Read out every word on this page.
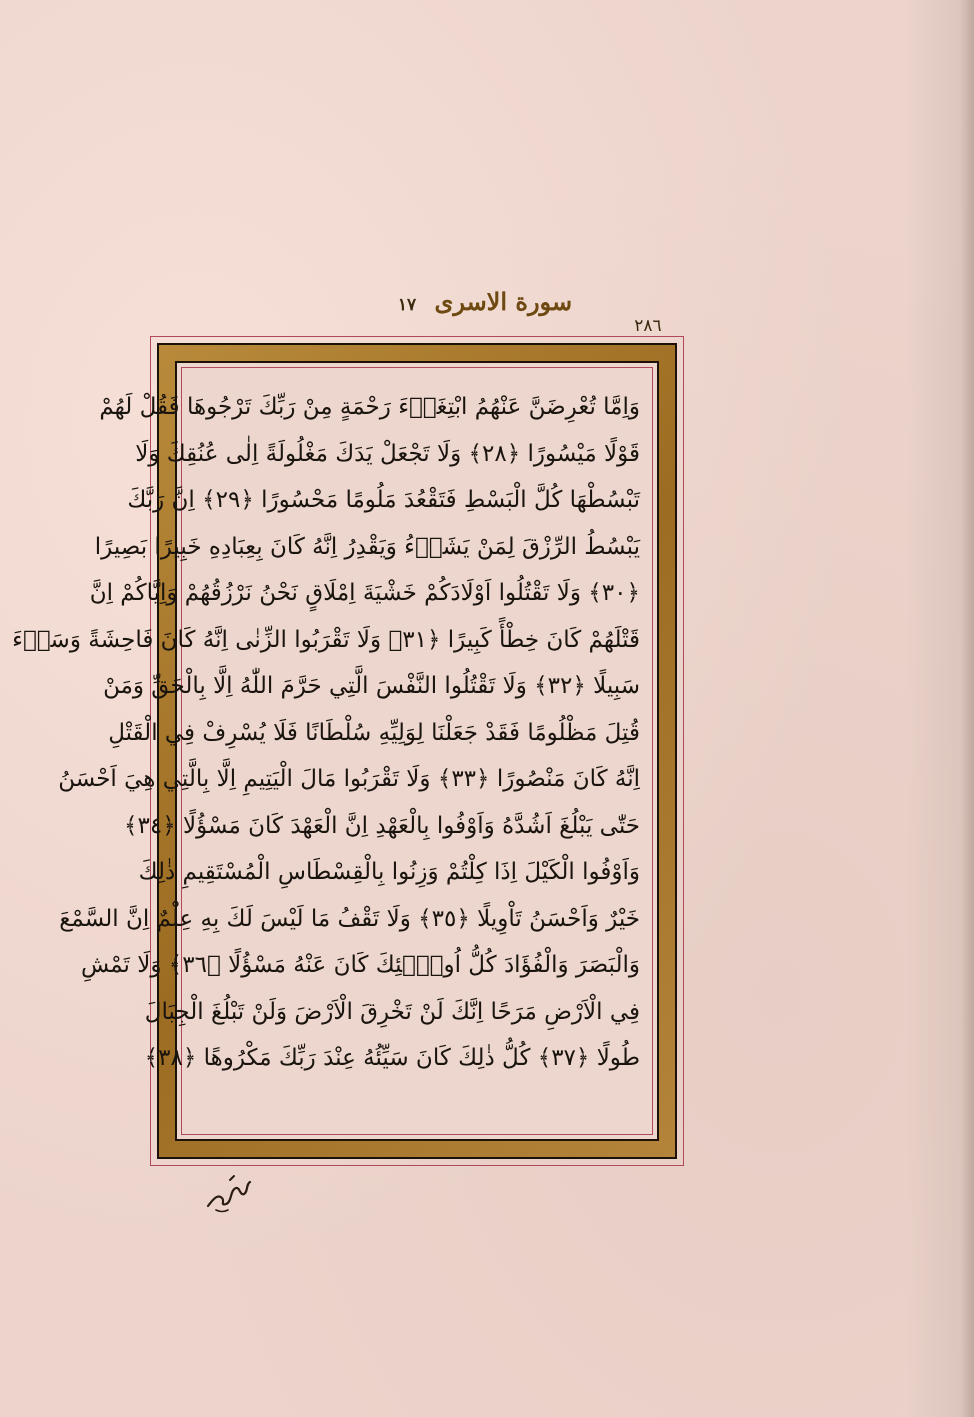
سورة الاسرى ١٧
٢٨٦
وَاِمَّا تُعْرِضَنَّ عَنْهُمُ ابْتِغَاۤءَ رَحْمَةٍ مِنْ رَبِّكَ تَرْجُوهَا فَقُلْ لَهُمْ
قَوْلًا مَيْسُورًا ﴿٢٨﴾ وَلَا تَجْعَلْ يَدَكَ مَغْلُولَةً اِلٰى عُنُقِكَ وَلَا
تَبْسُطْهَا كُلَّ الْبَسْطِ فَتَقْعُدَ مَلُومًا مَحْسُورًا ﴿٢٩﴾ اِنَّ رَبَّكَ
يَبْسُطُ الرِّزْقَ لِمَنْ يَشَاۤءُ وَيَقْدِرُ اِنَّهُ كَانَ بِعِبَادِهِ خَبِيرًا بَصِيرًا
﴿٣٠﴾ وَلَا تَقْتُلُوا اَوْلَادَكُمْ خَشْيَةَ اِمْلَاقٍ نَحْنُ نَرْزُقُهُمْ وَاِيَّاكُمْ اِنَّ
قَتْلَهُمْ كَانَ خِطْأً كَبِيرًا ﴿٣١﴾ وَلَا تَقْرَبُوا الزِّنٰى اِنَّهُ كَانَ فَاحِشَةً وَسَاۤءَ
سَبِيلًا ﴿٣٢﴾ وَلَا تَقْتُلُوا النَّفْسَ الَّتِي حَرَّمَ اللّٰهُ اِلَّا بِالْحَقِّ وَمَنْ
قُتِلَ مَظْلُومًا فَقَدْ جَعَلْنَا لِوَلِيِّهِ سُلْطَانًا فَلَا يُسْرِفْ فِي الْقَتْلِ
اِنَّهُ كَانَ مَنْصُورًا ﴿٣٣﴾ وَلَا تَقْرَبُوا مَالَ الْيَتِيمِ اِلَّا بِالَّتِي هِيَ اَحْسَنُ
حَتّٰى يَبْلُغَ اَشُدَّهُ وَاَوْفُوا بِالْعَهْدِ اِنَّ الْعَهْدَ كَانَ مَسْؤُلًا ﴿٣٤﴾
وَاَوْفُوا الْكَيْلَ اِذَا كِلْتُمْ وَزِنُوا بِالْقِسْطَاسِ الْمُسْتَقِيمِ ذٰلِكَ
خَيْرٌ وَاَحْسَنُ تَاْوِيلًا ﴿٣٥﴾ وَلَا تَقْفُ مَا لَيْسَ لَكَ بِهِ عِلْمٌ اِنَّ السَّمْعَ
وَالْبَصَرَ وَالْفُؤَادَ كُلُّ اُولٰۤئِكَ كَانَ عَنْهُ مَسْؤُلًا ﴿٣٦﴾ وَلَا تَمْشِ
فِي الْاَرْضِ مَرَحًا اِنَّكَ لَنْ تَخْرِقَ الْاَرْضَ وَلَنْ تَبْلُغَ الْجِبَالَ
طُولًا ﴿٣٧﴾ كُلُّ ذٰلِكَ كَانَ سَيِّئُهُ عِنْدَ رَبِّكَ مَكْرُوهًا ﴿٣٨﴾
